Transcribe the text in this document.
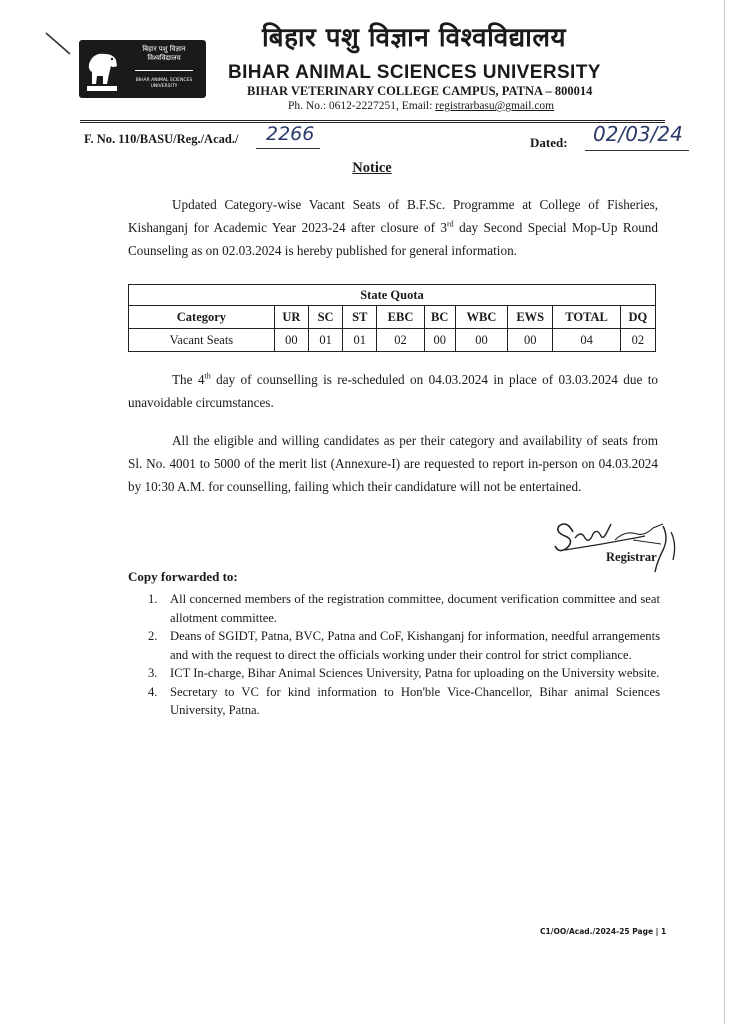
बिहार पशु विज्ञान विश्वविद्यालय
BIHAR ANIMAL SCIENCES UNIVERSITY
बिहार पशु विज्ञान विश्वविद्यालय
BIHAR ANIMAL SCIENCES UNIVERSITY
BIHAR VETERINARY COLLEGE CAMPUS, PATNA – 800014
Ph. No.: 0612-2227251, Email: registrarbasu@gmail.com
F. No. 110/BASU/Reg./Acad./ 2266	Dated: 02/03/24
Notice
Updated Category-wise Vacant Seats of B.F.Sc. Programme at College of Fisheries,
Kishanganj for Academic Year 2023-24 after closure of 3rd day Second Special Mop-Up Round
Counseling as on 02.03.2024 is hereby published for general information.
State Quota									
Category	UR	SC	ST	EBC	BC	WBC	EWS	TOTAL	DQ
Vacant Seats	00	01	01	02	00	00	00	04	02
The 4th day of counselling is re-scheduled on 04.03.2024 in place of 03.03.2024 due to
unavoidable circumstances.
All the eligible and willing candidates as per their category and availability of seats from
Sl. No. 4001 to 5000 of the merit list (Annexure-I) are requested to report in-person on 04.03.2024
by 10:30 A.M. for counselling, failing which their candidature will not be entertained.
Registrar
Copy forwarded to:
1. All concerned members of the registration committee, document verification committee and seat allotment committee.
2. Deans of SGIDT, Patna, BVC, Patna and CoF, Kishanganj for information, needful arrangements and with the request to direct the officials working under their control for strict compliance.
3. ICT In-charge, Bihar Animal Sciences University, Patna for uploading on the University website.
4. Secretary to VC for kind information to Hon'ble Vice-Chancellor, Bihar animal Sciences University, Patna.
C1/OO/Acad./2024-25 Page | 1
